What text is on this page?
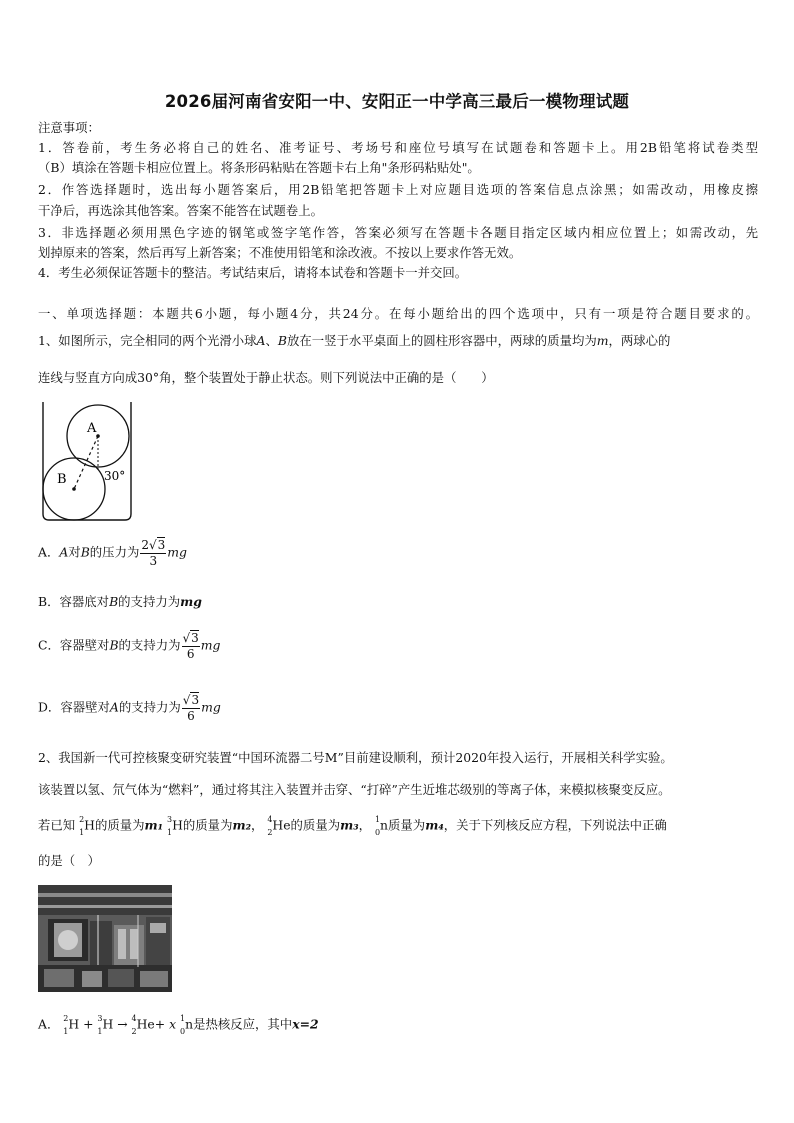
2026届河南省安阳一中、安阳正一中学高三最后一模物理试题
注意事项：
1．答卷前，考生务必将自己的姓名、准考证号、考场号和座位号填写在试题卷和答题卡上。用2B铅笔将试卷类型
（B）填涂在答题卡相应位置上。将条形码粘贴在答题卡右上角"条形码粘贴处"。
2．作答选择题时，选出每小题答案后，用2B铅笔把答题卡上对应题目选项的答案信息点涂黑；如需改动，用橡皮擦
干净后，再选涂其他答案。答案不能答在试题卷上。
3．非选择题必须用黑色字迹的钢笔或签字笔作答，答案必须写在答题卡各题目指定区域内相应位置上；如需改动，先
划掉原来的答案，然后再写上新答案；不准使用铅笔和涂改液。不按以上要求作答无效。
4．考生必须保证答题卡的整洁。考试结束后，请将本试卷和答题卡一并交回。
一、单项选择题：本题共6小题，每小题4分，共24分。在每小题给出的四个选项中，只有一项是符合题目要求的。
1、如图所示，完全相同的两个光滑小球A、B放在一竖于水平桌面上的圆柱形容器中，两球的质量均为m，两球心的
连线与竖直方向成30°角，整个装置处于静止状态。则下列说法中正确的是（　　）
A
B	30°
A．A对B的压力为 $\frac{2√3}{3}$ mg
B．容器底对B的支持力为mg
C．容器壁对B的支持力为 $\frac{√3}{6}$ mg
D．容器壁对A的支持力为 $\frac{√3}{6}$ mg
2、我国新一代可控核聚变研究装置“中国环流器二号M”目前建设顺利，预计2020年投入运行，开展相关科学实验。
该装置以氢、氘气体为“燃料”，通过将其注入装置并击穿、“打碎”产生近堆芯级别的等离子体，来模拟核聚变反应。
若已知 2
1 H的质量为m₁ 3
1 H的质量为m₂， 4
2 He的质量为m₃， 1
0 n质量为m₄，关于下列核反应方程，下列说法中正确
的是（　）
A． 2
1 H + 3
1 H → 4
2 He+ x 1
0 n是热核反应，其中x=2
